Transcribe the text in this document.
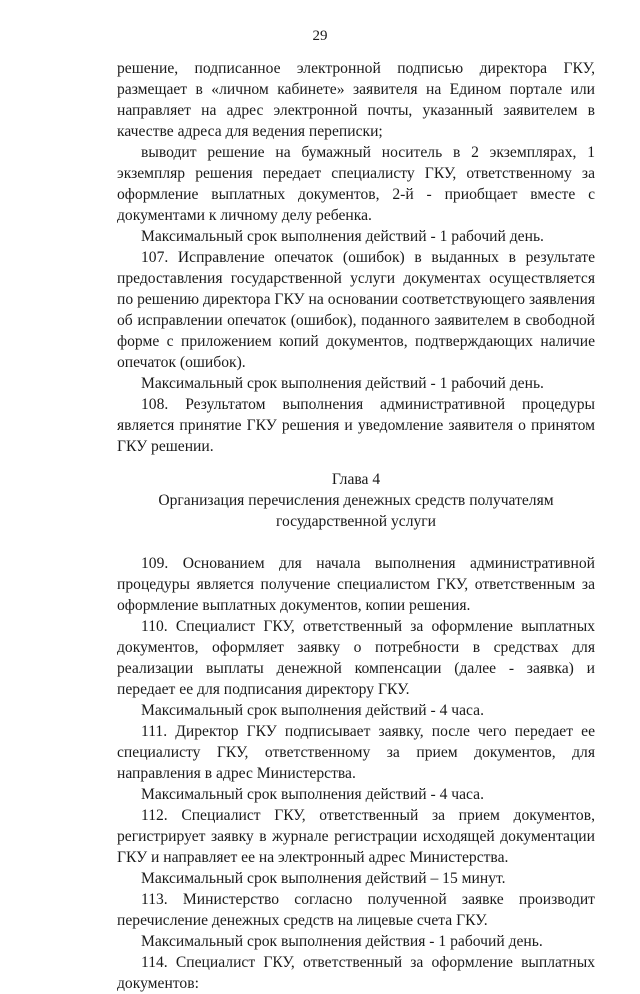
29

решение, подписанное электронной подписью директора ГКУ, размещает в «личном кабинете» заявителя на Едином портале или направляет на адрес электронной почты, указанный заявителем в качестве адреса для ведения переписки;

выводит решение на бумажный носитель в 2 экземплярах, 1 экземпляр решения передает специалисту ГКУ, ответственному за оформление выплатных документов, 2-й - приобщает вместе с документами к личному делу ребенка.

Максимальный срок выполнения действий - 1 рабочий день.

107. Исправление опечаток (ошибок) в выданных в результате предоставления государственной услуги документах осуществляется по решению директора ГКУ на основании соответствующего заявления об исправлении опечаток (ошибок), поданного заявителем в свободной форме с приложением копий документов, подтверждающих наличие опечаток (ошибок).

Максимальный срок выполнения действий - 1 рабочий день.

108. Результатом выполнения административной процедуры является принятие ГКУ решения и уведомление заявителя о принятом ГКУ решении.

Глава 4
Организация перечисления денежных средств получателям
государственной услуги

109. Основанием для начала выполнения административной процедуры является получение специалистом ГКУ, ответственным за оформление выплатных документов, копии решения.

110. Специалист ГКУ, ответственный за оформление выплатных документов, оформляет заявку о потребности в средствах для реализации выплаты денежной компенсации (далее - заявка) и передает ее для подписания директору ГКУ.

Максимальный срок выполнения действий - 4 часа.

111. Директор ГКУ подписывает заявку, после чего передает ее специалисту ГКУ, ответственному за прием документов, для направления в адрес Министерства.

Максимальный срок выполнения действий - 4 часа.

112. Специалист ГКУ, ответственный за прием документов, регистрирует заявку в журнале регистрации исходящей документации ГКУ и направляет ее на электронный адрес Министерства.

Максимальный срок выполнения действий – 15 минут.

113. Министерство согласно полученной заявке производит перечисление денежных средств на лицевые счета ГКУ.

Максимальный срок выполнения действия - 1 рабочий день.

114. Специалист ГКУ, ответственный за оформление выплатных документов:
